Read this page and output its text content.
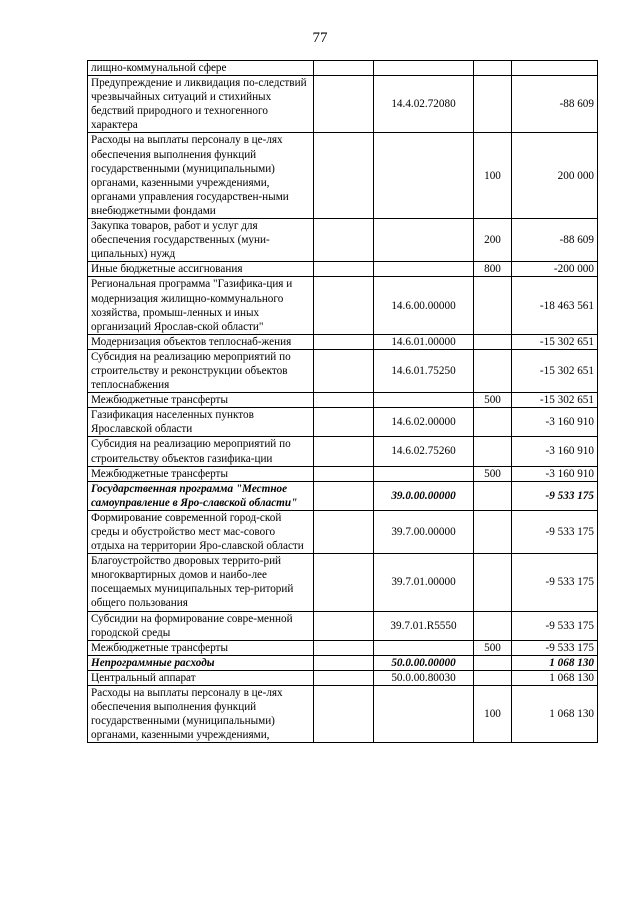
77
лищно-коммунальной сфере				
Предупреждение и ликвидация по-следствий чрезвычайных ситуаций и стихийных бедствий природного и техногенного характера		14.4.02.72080		-88 609
Расходы на выплаты персоналу в це-лях обеспечения выполнения функций государственными (муниципальными) органами, казенными учреждениями, органами управления государствен-ными внебюджетными фондами			100	200 000
Закупка товаров, работ и услуг для обеспечения государственных (муни-ципальных) нужд			200	-88 609
Иные бюджетные ассигнования			800	-200 000
Региональная программа "Газифика-ция и модернизация жилищно-коммунального хозяйства, промыш-ленных и иных организаций Ярослав-ской области"		14.6.00.00000		-18 463 561
Модернизация объектов теплоснаб-жения		14.6.01.00000		-15 302 651
Субсидия на реализацию мероприятий по строительству и реконструкции объектов теплоснабжения		14.6.01.75250		-15 302 651
Межбюджетные трансферты			500	-15 302 651
Газификация населенных пунктов Ярославской области		14.6.02.00000		-3 160 910
Субсидия на реализацию мероприятий по строительству объектов газифика-ции		14.6.02.75260		-3 160 910
Межбюджетные трансферты			500	-3 160 910
Государственная программа "Местное самоуправление в Яро-славской области"		39.0.00.00000		-9 533 175
Формирование современной город-ской среды и обустройство мест мас-сового отдыха на территории Яро-славской области		39.7.00.00000		-9 533 175
Благоустройство дворовых террито-рий многоквартирных домов и наибо-лее посещаемых муниципальных тер-риторий общего пользования		39.7.01.00000		-9 533 175
Субсидии на формирование совре-менной городской среды		39.7.01.R5550		-9 533 175
Межбюджетные трансферты			500	-9 533 175
Непрограммные расходы		50.0.00.00000		1 068 130
Центральный аппарат		50.0.00.80030		1 068 130
Расходы на выплаты персоналу в це-лях обеспечения выполнения функций государственными (муниципальными) органами, казенными учреждениями,			100	1 068 130
